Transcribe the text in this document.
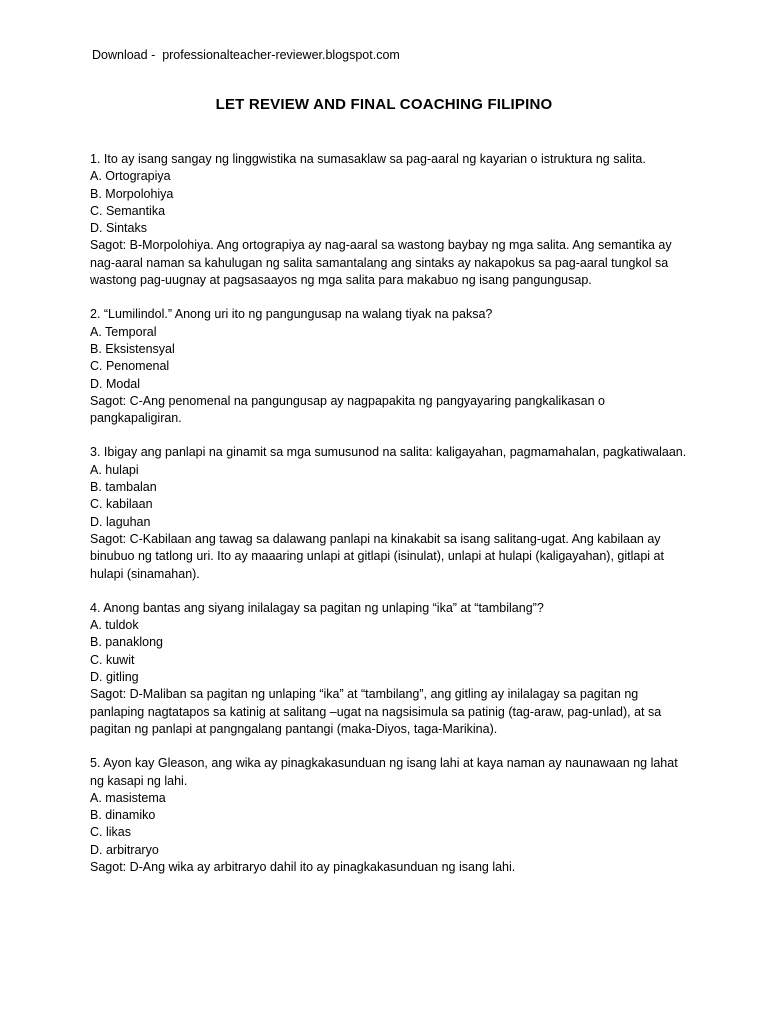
Download - professionalteacher-reviewer.blogspot.com
LET REVIEW AND FINAL COACHING FILIPINO

1. Ito ay isang sangay ng linggwistika na sumasaklaw sa pag-aaral ng kayarian o istruktura ng salita.

A. Ortograpiya
B. Morpolohiya
C. Semantika
D. Sintaks

Sagot: B-Morpolohiya. Ang ortograpiya ay nag-aaral sa wastong baybay ng mga salita. Ang semantika ay nag-aaral naman sa kahulugan ng salita samantalang ang sintaks ay nakapokus sa pag-aaral tungkol sa wastong pag-uugnay at pagsasaayos ng mga salita para makabuo ng isang pangungusap.

2. “Lumilindol.” Anong uri ito ng pangungusap na walang tiyak na paksa?

A. Temporal
B. Eksistensyal
C. Penomenal
D. Modal

Sagot: C-Ang penomenal na pangungusap ay nagpapakita ng pangyayaring pangkalikasan o pangkapaligiran.

3. Ibigay ang panlapi na ginamit sa mga sumusunod na salita: kaligayahan, pagmamahalan, pagkatiwalaan.

A. hulapi
B. tambalan
C. kabilaan
D. laguhan

Sagot: C-Kabilaan ang tawag sa dalawang panlapi na kinakabit sa isang salitang-ugat. Ang kabilaan ay binubuo ng tatlong uri. Ito ay maaaring unlapi at gitlapi (isinulat), unlapi at hulapi (kaligayahan), gitlapi at hulapi (sinamahan).

4. Anong bantas ang siyang inilalagay sa pagitan ng unlaping “ika” at “tambilang”?

A. tuldok
B. panaklong
C. kuwit
D. gitling

Sagot: D-Maliban sa pagitan ng unlaping “ika” at “tambilang”, ang gitling ay inilalagay sa pagitan ng panlaping nagtatapos sa katinig at salitang –ugat na nagsisimula sa patinig (tag-araw, pag-unlad), at sa pagitan ng panlapi at pangngalang pantangi (maka-Diyos, taga-Marikina).

5. Ayon kay Gleason, ang wika ay pinagkakasunduan ng isang lahi at kaya naman ay naunawaan ng lahat ng kasapi ng lahi.

A. masistema
B. dinamiko
C. likas
D. arbitraryo

Sagot: D-Ang wika ay arbitraryo dahil ito ay pinagkakasunduan ng isang lahi.
